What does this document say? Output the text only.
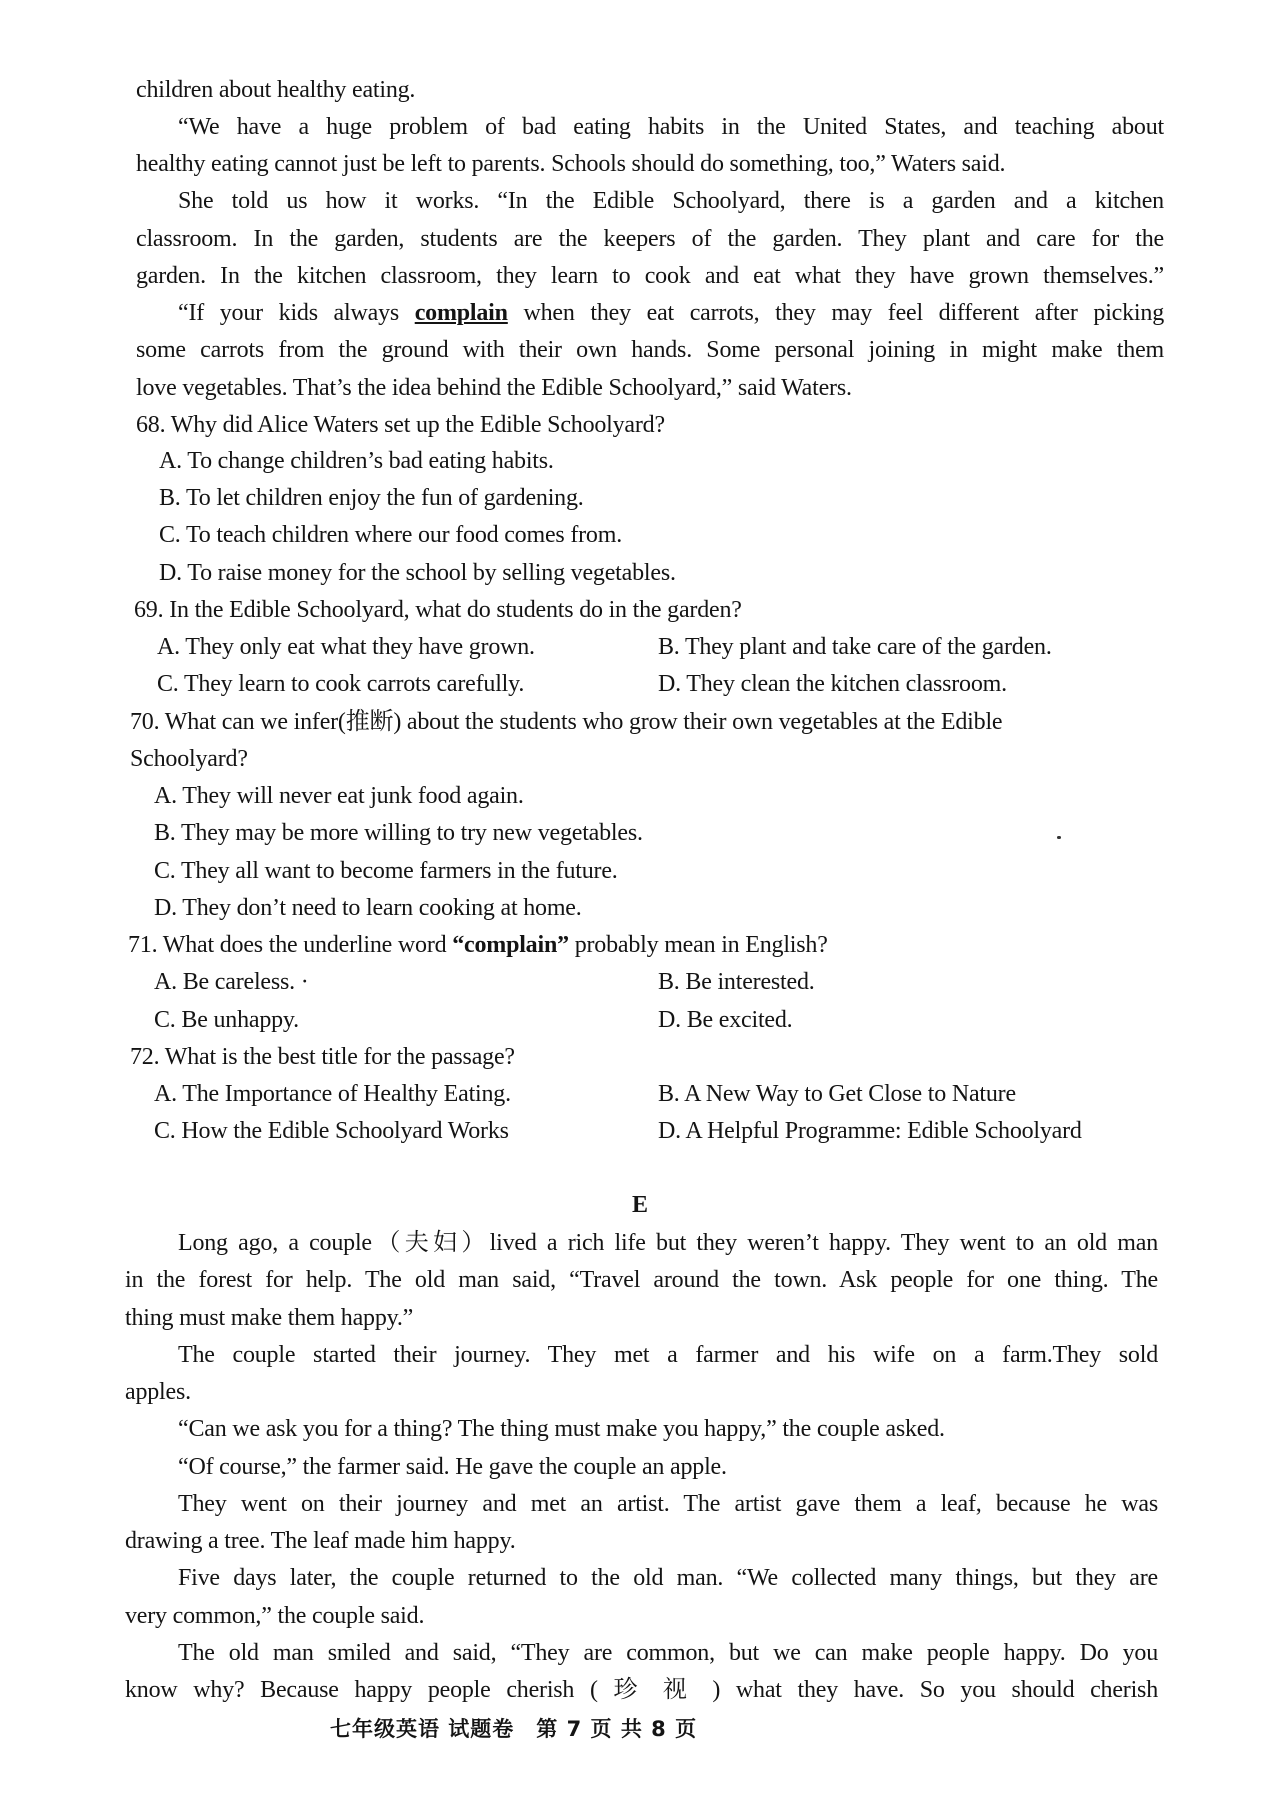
children about healthy eating.
“We have a huge problem of bad eating habits in the United States, and teaching about
healthy eating cannot just be left to parents. Schools should do something, too,” Waters said.
She told us how it works. “In the Edible Schoolyard, there is a garden and a kitchen
classroom. In the garden, students are the keepers of the garden. They plant and care for the
garden. In the kitchen classroom, they learn to cook and eat what they have grown themselves.”
“If your kids always complain when they eat carrots, they may feel different after picking
some carrots from the ground with their own hands. Some personal joining in might make them
love vegetables. That’s the idea behind the Edible Schoolyard,” said Waters.
68. Why did Alice Waters set up the Edible Schoolyard?
A. To change children’s bad eating habits.
B. To let children enjoy the fun of gardening.
C. To teach children where our food comes from.
D. To raise money for the school by selling vegetables.
69. In the Edible Schoolyard, what do students do in the garden?
A. They only eat what they have grown.	B. They plant and take care of the garden.
C. They learn to cook carrots carefully.	D. They clean the kitchen classroom.
70. What can we infer(推断) about the students who grow their own vegetables at the Edible
Schoolyard?
A. They will never eat junk food again.
B. They may be more willing to try new vegetables.
C. They all want to become farmers in the future.
D. They don’t need to learn cooking at home.
71. What does the underline word “complain” probably mean in English?
A. Be careless. ·	B. Be interested.
C. Be unhappy.	D. Be excited.
72. What is the best title for the passage?
A. The Importance of Healthy Eating.	B. A New Way to Get Close to Nature
C. How the Edible Schoolyard Works	D. A Helpful Programme: Edible Schoolyard
E
Long ago, a couple（夫妇）lived a rich life but they weren’t happy. They went to an old man
in the forest for help. The old man said, “Travel around the town. Ask people for one thing. The
thing must make them happy.”
The couple started their journey. They met a farmer and his wife on a farm.They sold
apples.
“Can we ask you for a thing? The thing must make you happy,” the couple asked.
“Of course,” the farmer said. He gave the couple an apple.
They went on their journey and met an artist. The artist gave them a leaf, because he was
drawing a tree. The leaf made him happy.
Five days later, the couple returned to the old man. “We collected many things, but they are
very common,” the couple said.
The old man smiled and said, “They are common, but we can make people happy. Do you
know why? Because happy people cherish ( 珍 视 ) what they have. So you should cherish
七年级英语 试题卷　第 7 页 共 8 页
